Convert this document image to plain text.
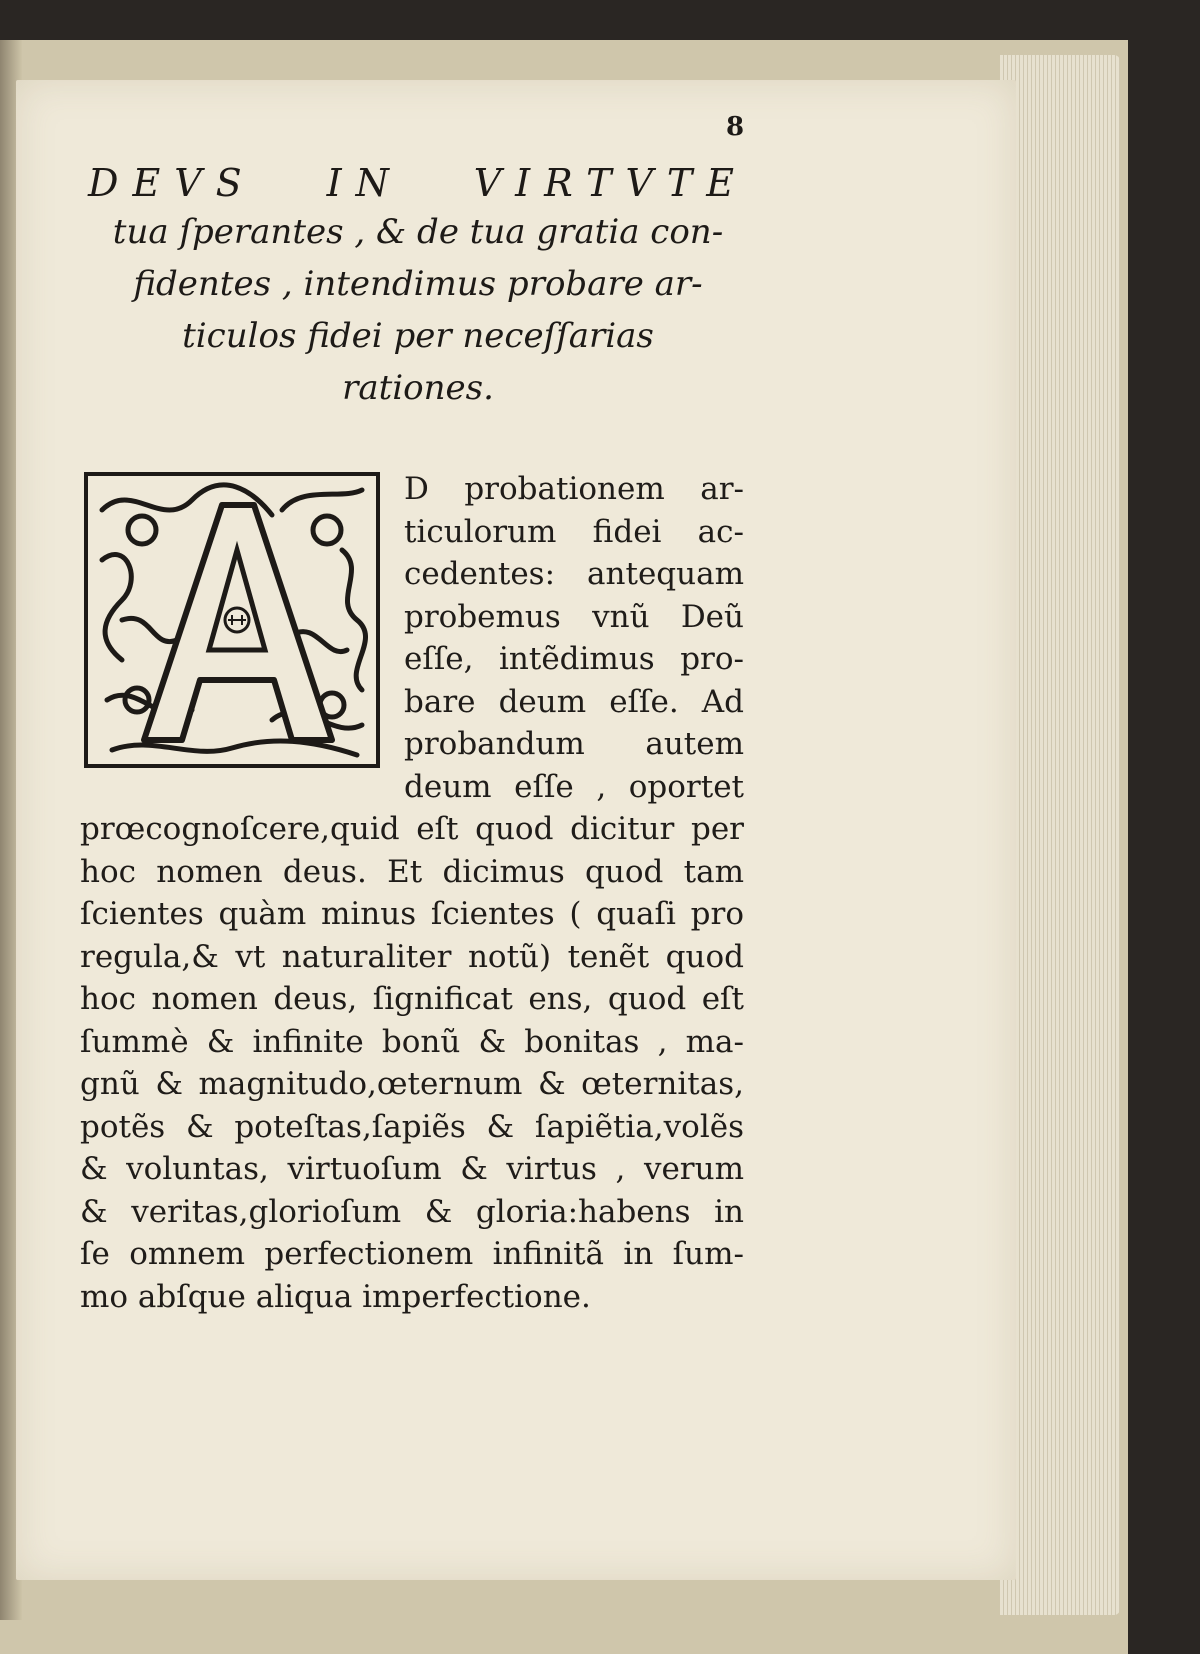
8
DEVS IN VIRTVTE
tua ſperantes , & de tua gratia con-
fidentes , intendimus probare ar-
ticulos fidei per neceſſarias
rationes.
D probationem ar-
ticulorum fidei ac-
cedentes: antequam
probemus vnũ Deũ
eſſe, intẽdimus pro-
bare deum eſſe. Ad
probandum autem
deum eſſe , oportet
prœcognoſcere,quid eſt quod dicitur per
hoc nomen deus. Et dicimus quod tam
ſcientes quàm minus ſcientes ( quaſi pro
regula,& vt naturaliter notũ) tenẽt quod
hoc nomen deus, ſignificat ens, quod eſt
ſummè & infinite bonũ & bonitas , ma-
gnũ & magnitudo,œternum & œternitas,
potẽs & poteſtas,ſapiẽs & ſapiẽtia,volẽs
& voluntas, virtuoſum & virtus , verum
& veritas,glorioſum & gloria:habens in
ſe omnem perfectionem infinitã in ſum-
mo abſque aliqua imperfectione.
